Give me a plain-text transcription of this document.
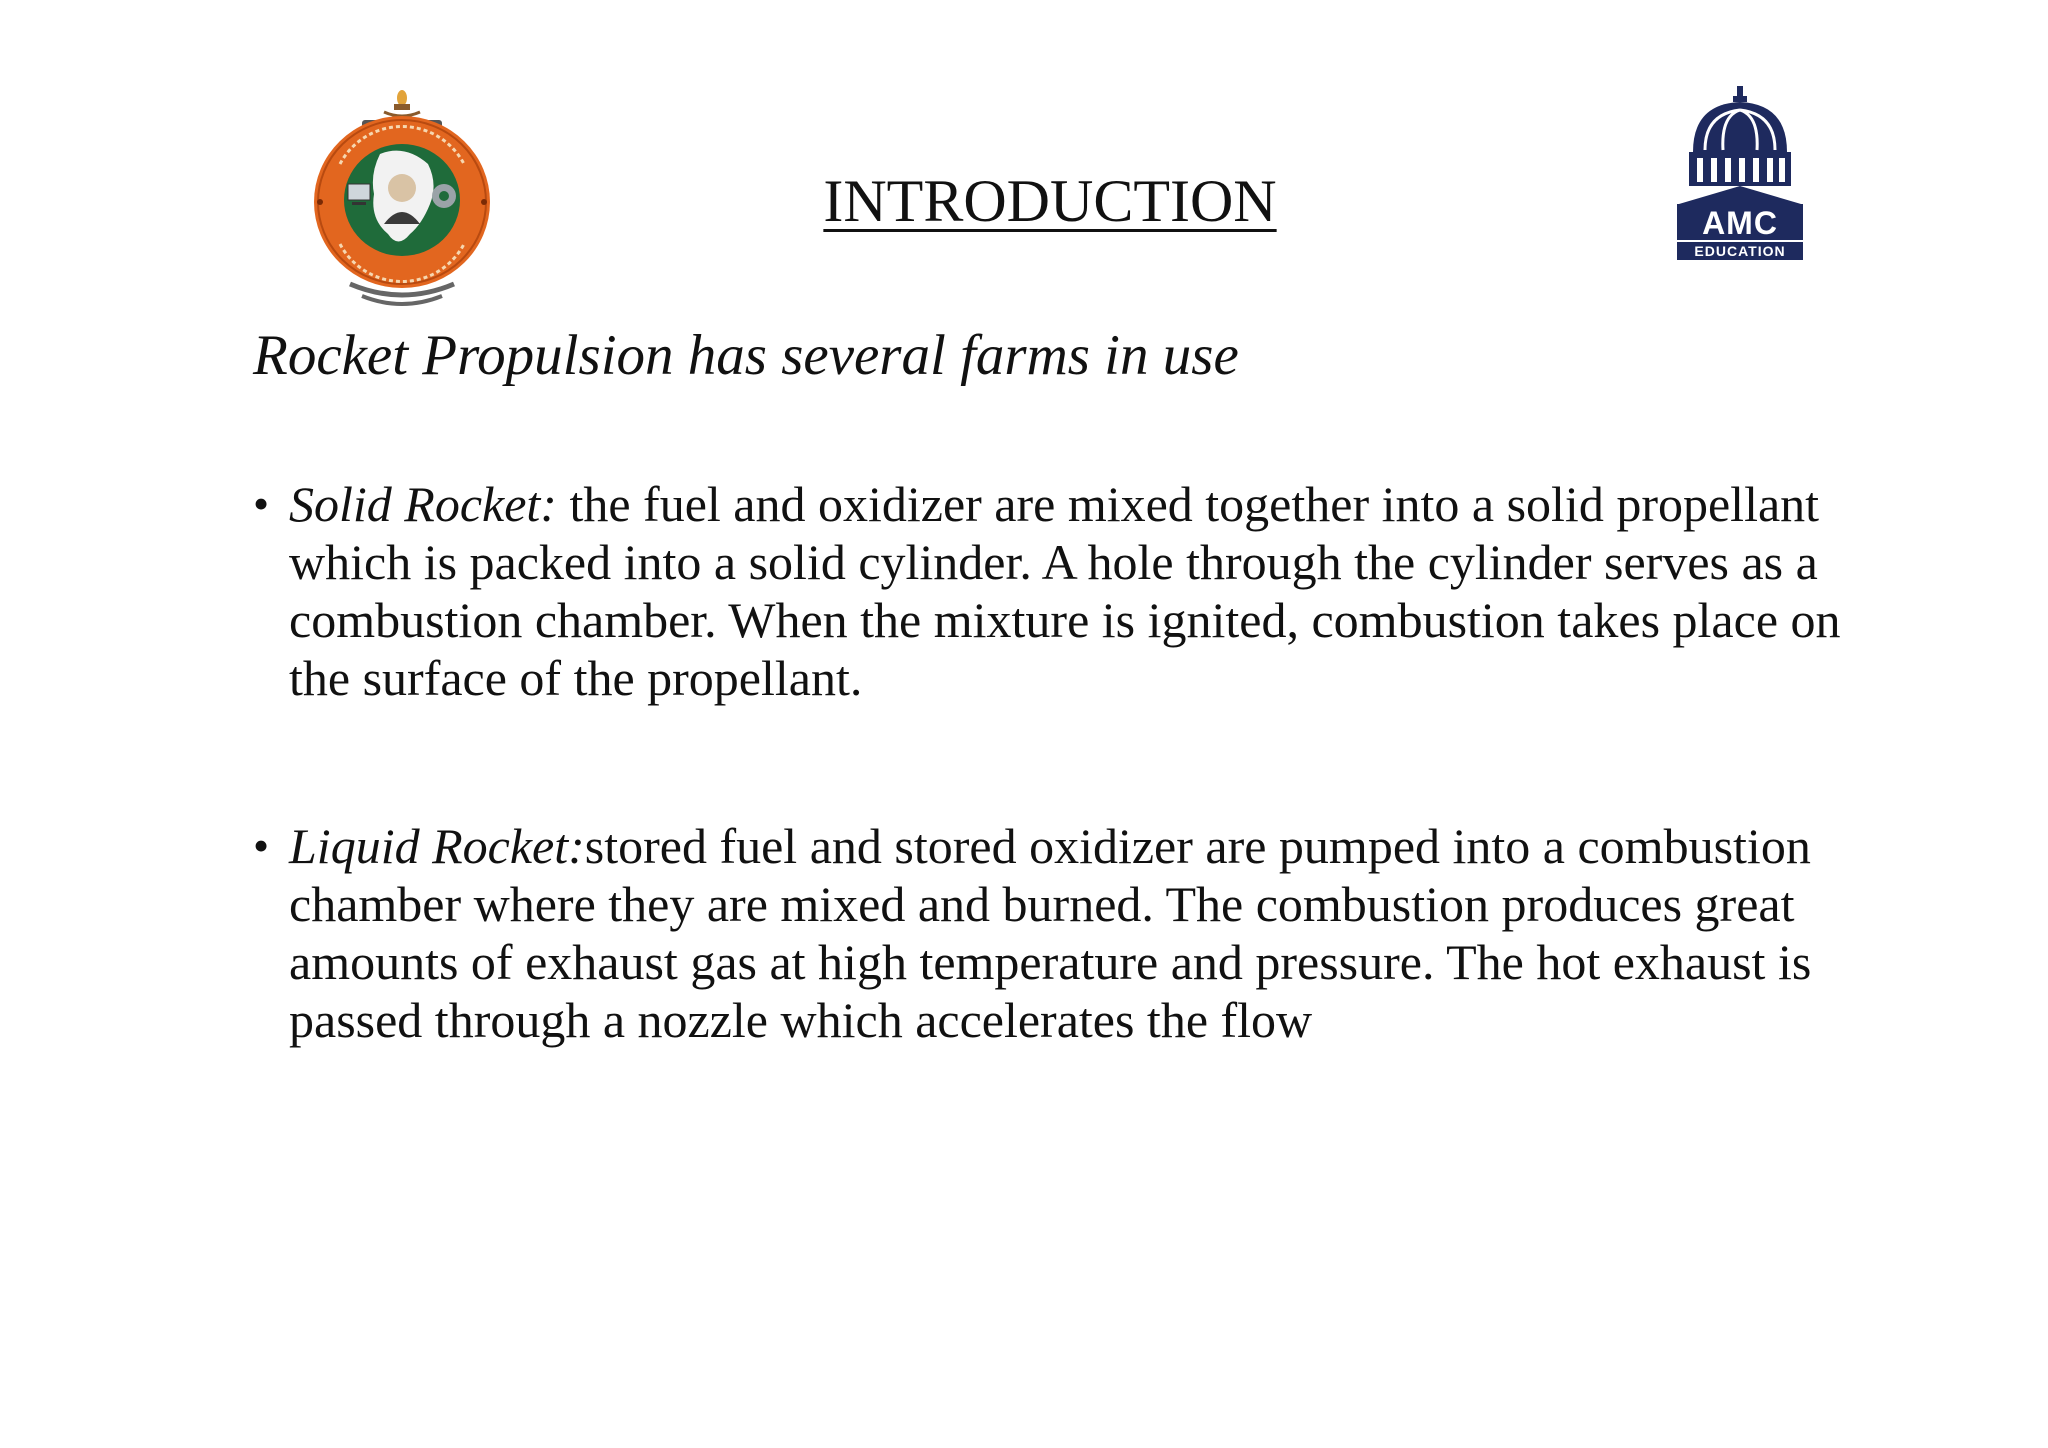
INTRODUCTION	AMC
EDUCATION

Rocket Propulsion has several farms in use

• Solid Rocket: the fuel and oxidizer are mixed together into a solid propellant which is packed into a solid cylinder. A hole through the cylinder serves as a combustion chamber. When the mixture is ignited, combustion takes place on the surface of the propellant.
• Liquid Rocket:stored fuel and stored oxidizer are pumped into a combustion chamber where they are mixed and burned. The combustion produces great amounts of exhaust gas at high temperature and pressure. The hot exhaust is passed through a nozzle which accelerates the flow
